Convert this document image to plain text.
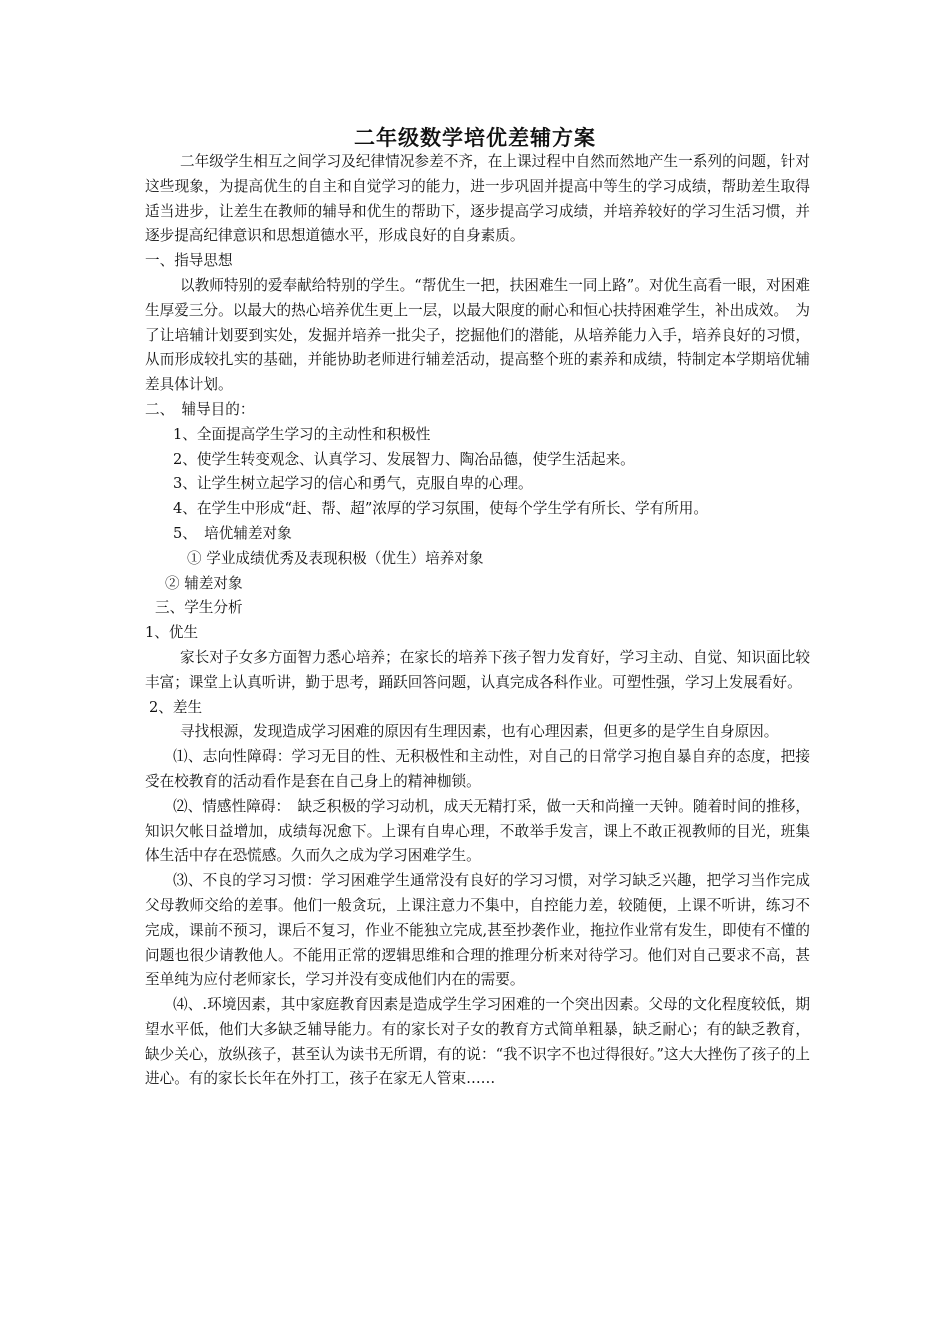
二年级数学培优差辅方案

二年级学生相互之间学习及纪律情况参差不齐，在上课过程中自然而然地产生一系列的问题，针对这些现象，为提高优生的自主和自觉学习的能力，进一步巩固并提高中等生的学习成绩，帮助差生取得适当进步，让差生在教师的辅导和优生的帮助下，逐步提高学习成绩，并培养较好的学习生活习惯，并逐步提高纪律意识和思想道德水平，形成良好的自身素质。

一、指导思想

以教师特别的爱奉献给特别的学生。“帮优生一把，扶困难生一同上路”。对优生高看一眼，对困难生厚爱三分。以最大的热心培养优生更上一层，以最大限度的耐心和恒心扶持困难学生，补出成效。　为了让培辅计划要到实处，发掘并培养一批尖子，挖掘他们的潜能，从培养能力入手，培养良好的习惯，从而形成较扎实的基础，并能协助老师进行辅差活动，提高整个班的素养和成绩，特制定本学期培优辅差具体计划。

二、　辅导目的：

1、全面提高学生学习的主动性和积极性

2、使学生转变观念、认真学习、发展智力、陶冶品德，使学生活起来。

3、让学生树立起学习的信心和勇气，克服自卑的心理。

4、在学生中形成“赶、帮、超”浓厚的学习氛围，使每个学生学有所长、学有所用。

5、　培优辅差对象

① 学业成绩优秀及表现积极（优生）培养对象

② 辅差对象

三、学生分析

1、优生

家长对子女多方面智力悉心培养；在家长的培养下孩子智力发育好，学习主动、自觉、知识面比较丰富；课堂上认真听讲，勤于思考，踊跃回答问题，认真完成各科作业。可塑性强，学习上发展看好。

2、差生

寻找根源，发现造成学习困难的原因有生理因素，也有心理因素，但更多的是学生自身原因。

⑴、志向性障碍：学习无目的性、无积极性和主动性，对自己的日常学习抱自暴自弃的态度，把接受在校教育的活动看作是套在自己身上的精神枷锁。

⑵、情感性障碍：　缺乏积极的学习动机，成天无精打采，做一天和尚撞一天钟。随着时间的推移，知识欠帐日益增加，成绩每况愈下。上课有自卑心理，不敢举手发言，课上不敢正视教师的目光，班集体生活中存在恐慌感。久而久之成为学习困难学生。

⑶、不良的学习习惯：学习困难学生通常没有良好的学习习惯，对学习缺乏兴趣，把学习当作完成父母教师交给的差事。他们一般贪玩，上课注意力不集中，自控能力差，较随便，上课不听讲，练习不完成，课前不预习，课后不复习，作业不能独立完成,甚至抄袭作业，拖拉作业常有发生，即使有不懂的问题也很少请教他人。不能用正常的逻辑思维和合理的推理分析来对待学习。他们对自己要求不高，甚至单纯为应付老师家长，学习并没有变成他们内在的需要。

⑷、.环境因素，其中家庭教育因素是造成学生学习困难的一个突出因素。父母的文化程度较低，期望水平低，他们大多缺乏辅导能力。有的家长对子女的教育方式简单粗暴，缺乏耐心；有的缺乏教育，缺少关心，放纵孩子，甚至认为读书无所谓，有的说：“我不识字不也过得很好。”这大大挫伤了孩子的上进心。有的家长长年在外打工，孩子在家无人管束……
